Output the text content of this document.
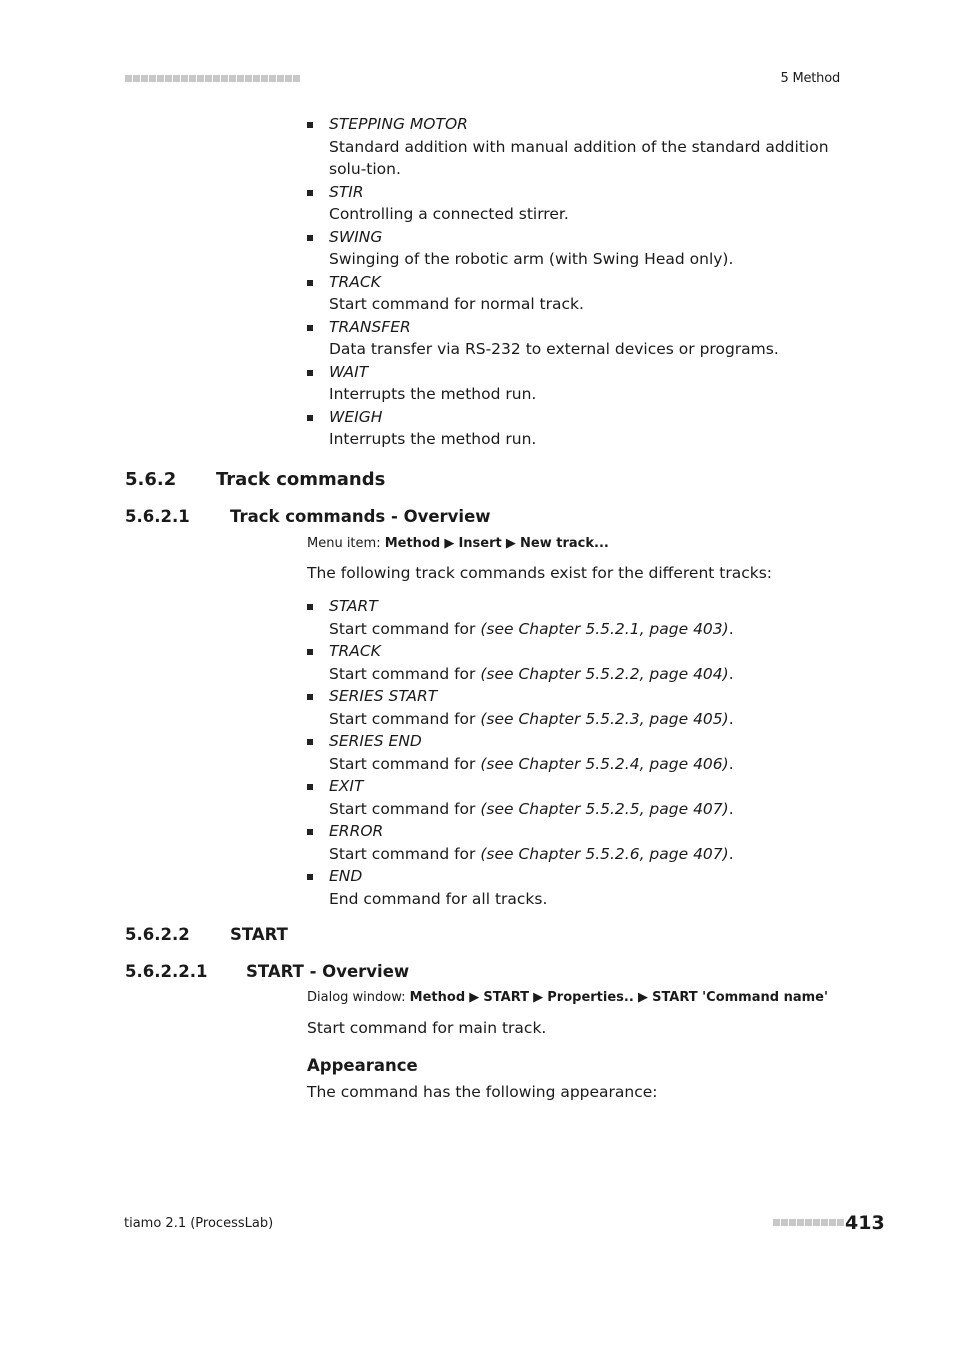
5 Method
STEPPING MOTOR
Standard addition with manual addition of the standard addition solu-tion.
STIR
Controlling a connected stirrer.
SWING
Swinging of the robotic arm (with Swing Head only).
TRACK
Start command for normal track.
TRANSFER
Data transfer via RS-232 to external devices or programs.
WAIT
Interrupts the method run.
WEIGH
Interrupts the method run.
5.6.2 Track commands
5.6.2.1 Track commands - Overview
Menu item: Method ▶ Insert ▶ New track...
The following track commands exist for the different tracks:
START
Start command for (see Chapter 5.5.2.1, page 403).
TRACK
Start command for (see Chapter 5.5.2.2, page 404).
SERIES START
Start command for (see Chapter 5.5.2.3, page 405).
SERIES END
Start command for (see Chapter 5.5.2.4, page 406).
EXIT
Start command for (see Chapter 5.5.2.5, page 407).
ERROR
Start command for (see Chapter 5.5.2.6, page 407).
END
End command for all tracks.
5.6.2.2 START
5.6.2.2.1 START - Overview
Dialog window: Method ▶ START ▶ Properties.. ▶ START 'Command name'
Start command for main track.
Appearance
The command has the following appearance:
tiamo 2.1 (ProcessLab)	413
